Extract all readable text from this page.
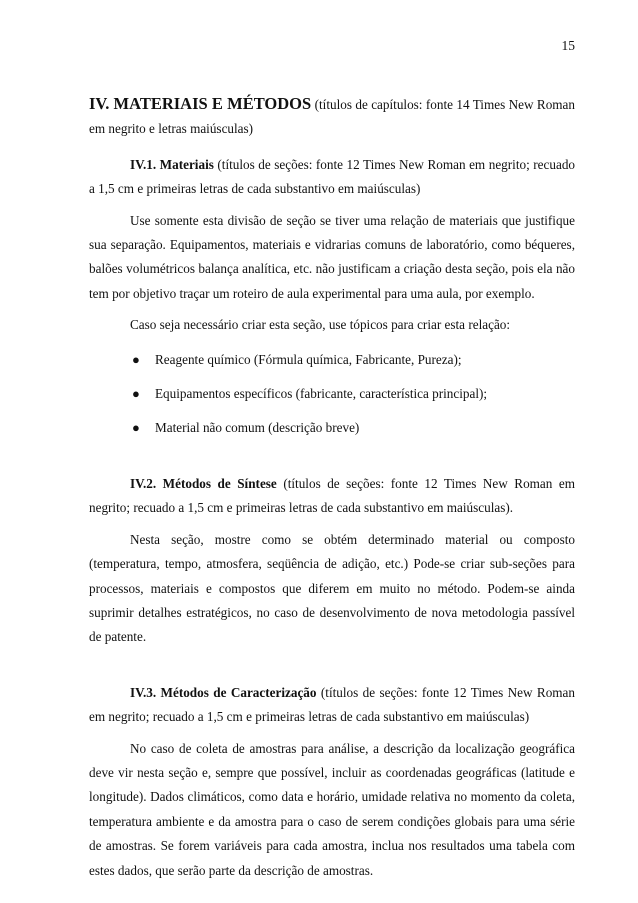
15

IV. MATERIAIS E MÉTODOS (títulos de capítulos: fonte 14 Times New Roman em negrito e letras maiúsculas)

IV.1. Materiais (títulos de seções: fonte 12 Times New Roman em negrito; recuado a 1,5 cm e primeiras letras de cada substantivo em maiúsculas)

Use somente esta divisão de seção se tiver uma relação de materiais que justifique sua separação. Equipamentos, materiais e vidrarias comuns de laboratório, como béqueres, balões volumétricos balança analítica, etc. não justificam a criação desta seção, pois ela não tem por objetivo traçar um roteiro de aula experimental para uma aula, por exemplo.

Caso seja necessário criar esta seção, use tópicos para criar esta relação:

● Reagente químico (Fórmula química, Fabricante, Pureza);
● Equipamentos específicos (fabricante, característica principal);
● Material não comum (descrição breve)

IV.2. Métodos de Síntese (títulos de seções: fonte 12 Times New Roman em negrito; recuado a 1,5 cm e primeiras letras de cada substantivo em maiúsculas).

Nesta seção, mostre como se obtém determinado material ou composto (temperatura, tempo, atmosfera, seqüência de adição, etc.) Pode-se criar sub-seções para processos, materiais e compostos que diferem em muito no método. Podem-se ainda suprimir detalhes estratégicos, no caso de desenvolvimento de nova metodologia passível de patente.

IV.3. Métodos de Caracterização (títulos de seções: fonte 12 Times New Roman em negrito; recuado a 1,5 cm e primeiras letras de cada substantivo em maiúsculas)

No caso de coleta de amostras para análise, a descrição da localização geográfica deve vir nesta seção e, sempre que possível, incluir as coordenadas geográficas (latitude e longitude). Dados climáticos, como data e horário, umidade relativa no momento da coleta, temperatura ambiente e da amostra para o caso de serem condições globais para uma série de amostras. Se forem variáveis para cada amostra, inclua nos resultados uma tabela com estes dados, que serão parte da descrição de amostras.
